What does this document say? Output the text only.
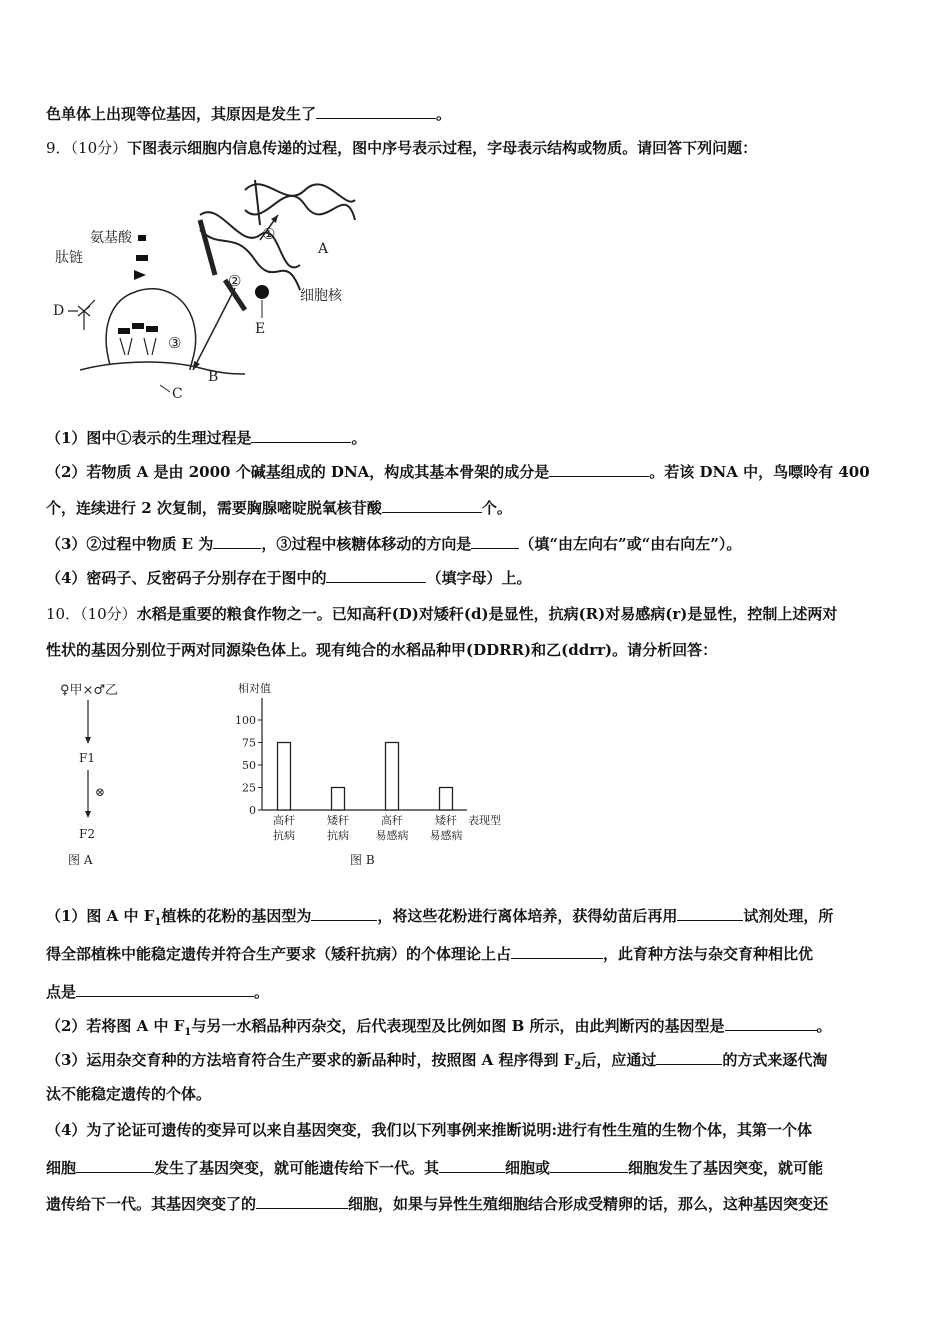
色单体上出现等位基因，其原因是发生了	。
9．（10分）下图表示细胞内信息传递的过程，图中序号表示过程，字母表示结构或物质。请回答下列问题：
①
②
A
E
细胞核
氨基酸
肽链
D
③
B
C
（1）图中①表示的生理过程是	。
（2）若物质 A 是由 2000 个碱基组成的 DNA，构成其基本骨架的成分是	。若该 DNA 中，鸟嘌呤有 400
个，连续进行 2 次复制，需要胸腺嘧啶脱氧核苷酸	个。
（3）②过程中物质 E 为	，③过程中核糖体移动的方向是	（填“由左向右”或“由右向左”）。
（4）密码子、反密码子分别存在于图中的	（填字母）上。
10．（10分）水稻是重要的粮食作物之一。已知高秆(D)对矮秆(d)是显性，抗病(R)对易感病(r)是显性，控制上述两对
性状的基因分别位于两对同源染色体上。现有纯合的水稻品种甲(DDRR)和乙(ddrr)。请分析回答：
♀甲×♂乙
F1
⊗
F2
图 A
相对值
0
25
50
75
100
高秆
抗病
矮秆
抗病
高秆
易感病
矮秆
易感病
表现型
图 B
（1）图 A 中 $F_1$植株的花粉的基因型为	，将这些花粉进行离体培养，获得幼苗后再用	试剂处理，所
得全部植株中能稳定遗传并符合生产要求（矮秆抗病）的个体理论上占	，此育种方法与杂交育种相比优
点是	。
（2）若将图 A 中 $F_1$与另一水稻品种丙杂交，后代表现型及比例如图 B 所示，由此判断丙的基因型是	。
（3）运用杂交育种的方法培育符合生产要求的新品种时，按照图 A 程序得到 $F_2$后，应通过	的方式来逐代淘
汰不能稳定遗传的个体。
（4）为了论证可遗传的变异可以来自基因突变，我们以下列事例来推断说明:进行有性生殖的生物个体，其第一个体
细胞	发生了基因突变，就可能遗传给下一代。其	细胞或	细胞发生了基因突变，就可能
遗传给下一代。其基因突变了的	细胞，如果与异性生殖细胞结合形成受精卵的话，那么，这种基因突变还
